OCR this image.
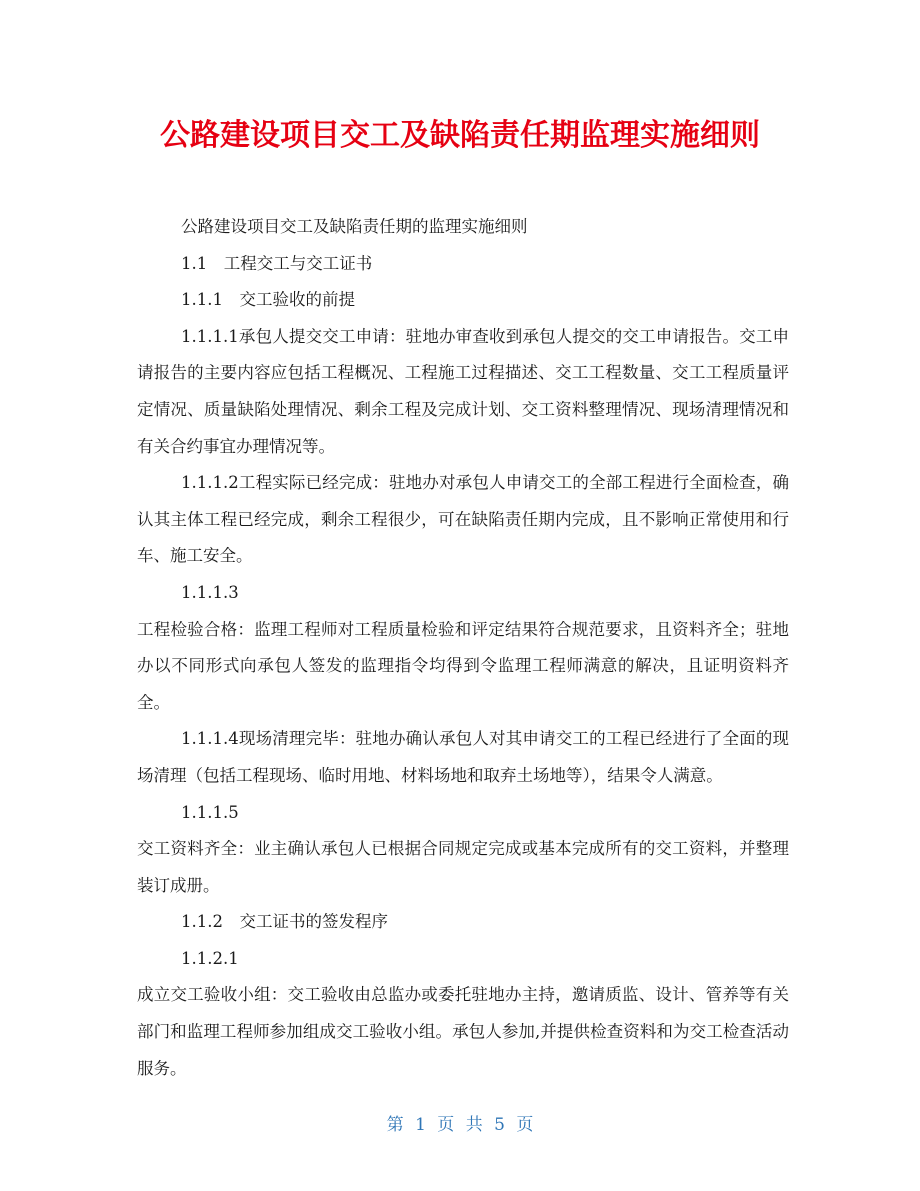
公路建设项目交工及缺陷责任期监理实施细则

公路建设项目交工及缺陷责任期的监理实施细则

1.1　工程交工与交工证书

1.1.1　交工验收的前提

1.1.1.1承包人提交交工申请：驻地办审查收到承包人提交的交工申请报告。交工申请报告的主要内容应包括工程概况、工程施工过程描述、交工工程数量、交工工程质量评定情况、质量缺陷处理情况、剩余工程及完成计划、交工资料整理情况、现场清理情况和有关合约事宜办理情况等。

1.1.1.2工程实际已经完成：驻地办对承包人申请交工的全部工程进行全面检查，确认其主体工程已经完成，剩余工程很少，可在缺陷责任期内完成，且不影响正常使用和行车、施工安全。

1.1.1.3

工程检验合格：监理工程师对工程质量检验和评定结果符合规范要求，且资料齐全；驻地办以不同形式向承包人签发的监理指令均得到令监理工程师满意的解决，且证明资料齐全。

1.1.1.4现场清理完毕：驻地办确认承包人对其申请交工的工程已经进行了全面的现场清理（包括工程现场、临时用地、材料场地和取弃土场地等），结果令人满意。

1.1.1.5

交工资料齐全：业主确认承包人已根据合同规定完成或基本完成所有的交工资料，并整理装订成册。

1.1.2　交工证书的签发程序

1.1.2.1

成立交工验收小组：交工验收由总监办或委托驻地办主持，邀请质监、设计、管养等有关部门和监理工程师参加组成交工验收小组。承包人参加,并提供检查资料和为交工检查活动服务。

第 1 页 共 5 页
